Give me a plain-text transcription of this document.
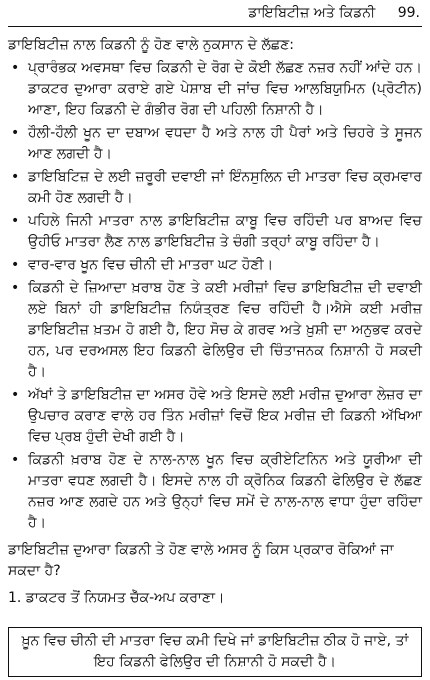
ਡਾਇਬਿਟੀਜ਼ ਅਤੇ ਕਿਡਨੀ 99.
ਡਾਇਬਿਟੀਜ਼ ਨਾਲ ਕਿਡਨੀ ਨੂੰ ਹੋਣ ਵਾਲੇ ਨੁਕਸਾਨ ਦੇ ਲੱਛਣ:
• ਪ੍ਰਾਰੰਭਕ ਅਵਸਥਾ ਵਿਚ ਕਿਡਨੀ ਦੇ ਰੋਗ ਦੇ ਕੋਈ ਲੱਛਣ ਨਜ਼ਰ ਨਹੀਂ ਆਂਦੇ ਹਨ। ਡਾਕਟਰ ਦੁਆਰਾ ਕਰਾਏ ਗਏ ਪੇਸ਼ਾਬ ਦੀ ਜਾਂਚ ਵਿਚ ਆਲਬਿਯੁਮਿਨ (ਪ੍ਰੋਟੀਨ) ਆਣਾ, ਇਹ ਕਿਡਨੀ ਦੇ ਗੰਭੀਰ ਰੋਗ ਦੀ ਪਹਿਲੀ ਨਿਸ਼ਾਨੀ ਹੈ।
• ਹੌਲੀ-ਹੌਲੀ ਖੂਨ ਦਾ ਦਬਾਅ ਵਧਦਾ ਹੈ ਅਤੇ ਨਾਲ ਹੀ ਪੈਰਾਂ ਅਤੇ ਚਿਹਰੇ ਤੇ ਸੂਜਨ ਆਣ ਲਗਦੀ ਹੈ।
• ਡਾਇਬਿਟਿਜ਼ ਦੇ ਲਈ ਜ਼ਰੂਰੀ ਦਵਾਈ ਜਾਂ ਇੰਨਸੁਲਿਨ ਦੀ ਮਾਤਰਾ ਵਿਚ ਕ੍ਰਮਵਾਰ ਕਮੀ ਹੋਣ ਲਗਦੀ ਹੈ।
• ਪਹਿਲੇ ਜਿਨੀ ਮਾਤਰਾ ਨਾਲ ਡਾਇਬਿਟੀਜ਼ ਕਾਬੂ ਵਿਚ ਰਹਿੰਦੀ ਪਰ ਬਾਅਦ ਵਿਚ ਉਹੀਓ ਮਾਤਰਾ ਲੈਣ ਨਾਲ ਡਾਇਬਿਟੀਜ਼ ਤੇ ਚੰਗੀ ਤਰ੍ਹਾਂ ਕਾਬੂ ਰਹਿੰਦਾ ਹੈ।
• ਵਾਰ-ਵਾਰ ਖੂਨ ਵਿਚ ਚੀਨੀ ਦੀ ਮਾਤਰਾ ਘਟ ਹੋਣੀ।
• ਕਿਡਨੀ ਦੇ ਜ਼ਿਆਦਾ ਖ਼ਰਾਬ ਹੋਣ ਤੇ ਕਈ ਮਰੀਜ਼ਾਂ ਵਿਚ ਡਾਇਬਿਟੀਜ਼ ਦੀ ਦਵਾਈ ਲਏ ਬਿਨਾਂ ਹੀ ਡਾਇਬਿਟੀਜ਼ ਨਿਯੰਤ੍ਰਣ ਵਿਚ ਰਹਿੰਦੀ ਹੈ।ਐਸੇ ਕਈ ਮਰੀਜ਼ ਡਾਇਬਿਟੀਜ਼ ਖ਼ਤਮ ਹੋ ਗਈ ਹੈ, ਇਹ ਸੋਚ ਕੇ ਗਰਵ ਅਤੇ ਖ਼ੁਸ਼ੀ ਦਾ ਅਨੁਭਵ ਕਰਦੇ ਹਨ, ਪਰ ਦਰਅਸਲ ਇਹ ਕਿਡਨੀ ਫੇਲਿਉਰ ਦੀ ਚਿੰਤਾਜਨਕ ਨਿਸ਼ਾਨੀ ਹੋ ਸਕਦੀ ਹੈ।
• ਅੱਖਾਂ ਤੇ ਡਾਇਬਿਟੀਜ਼ ਦਾ ਅਸਰ ਹੋਵੇ ਅਤੇ ਇਸਦੇ ਲਈ ਮਰੀਜ਼ ਦੁਆਰਾ ਲੇਜ਼ਰ ਦਾ ਉਪਚਾਰ ਕਰਾਣ ਵਾਲੇ ਹਰ ਤਿੰਨ ਮਰੀਜ਼ਾਂ ਵਿਚੋਂ ਇਕ ਮਰੀਜ਼ ਦੀ ਕਿਡਨੀ ਅੱਖਿਆ ਵਿਚ ਪ੍ਰਬ ਹੁੰਦੀ ਦੇਖੀ ਗਈ ਹੈ।
• ਕਿਡਨੀ ਖ਼ਰਾਬ ਹੋਣ ਦੇ ਨਾਲ-ਨਾਲ ਖੂਨ ਵਿਚ ਕ੍ਰੀਏਟਿਨਿਨ ਅਤੇ ਯੂਰੀਆ ਦੀ ਮਾਤਰਾ ਵਧਣ ਲਗਦੀ ਹੈ। ਇਸਦੇ ਨਾਲ ਹੀ ਕ੍ਰੋਨਿਕ ਕਿਡਨੀ ਫੇਲਿਉਰ ਦੇ ਲੱਛਣ ਨਜ਼ਰ ਆਣ ਲਗਦੇ ਹਨ ਅਤੇ ਉਨ੍ਹਾਂ ਵਿਚ ਸਮੇਂ ਦੇ ਨਾਲ-ਨਾਲ ਵਾਧਾ ਹੁੰਦਾ ਰਹਿੰਦਾ ਹੈ।

ਡਾਇਬਿਟੀਜ਼ ਦੁਆਰਾ ਕਿਡਨੀ ਤੇ ਹੋਣ ਵਾਲੇ ਅਸਰ ਨੂੰ ਕਿਸ ਪ੍ਰਕਾਰ ਰੋਕਿਆਂ ਜਾ ਸਕਦਾ ਹੈ?

1. ਡਾਕਟਰ ਤੋਂ ਨਿਯਮਤ ਚੇੱਕ-ਅਪ ਕਰਾਣਾ।

ਖ਼ੂਨ ਵਿਚ ਚੀਨੀ ਦੀ ਮਾਤਰਾ ਵਿਚ ਕਮੀ ਦਿਖੇ ਜਾਂ ਡਾਇਬਿਟੀਜ਼ ਠੀਕ ਹੋ ਜਾਏ, ਤਾਂ ਇਹ ਕਿਡਨੀ ਫੇਲਿਉਰ ਦੀ ਨਿਸ਼ਾਨੀ ਹੋ ਸਕਦੀ ਹੈ।
